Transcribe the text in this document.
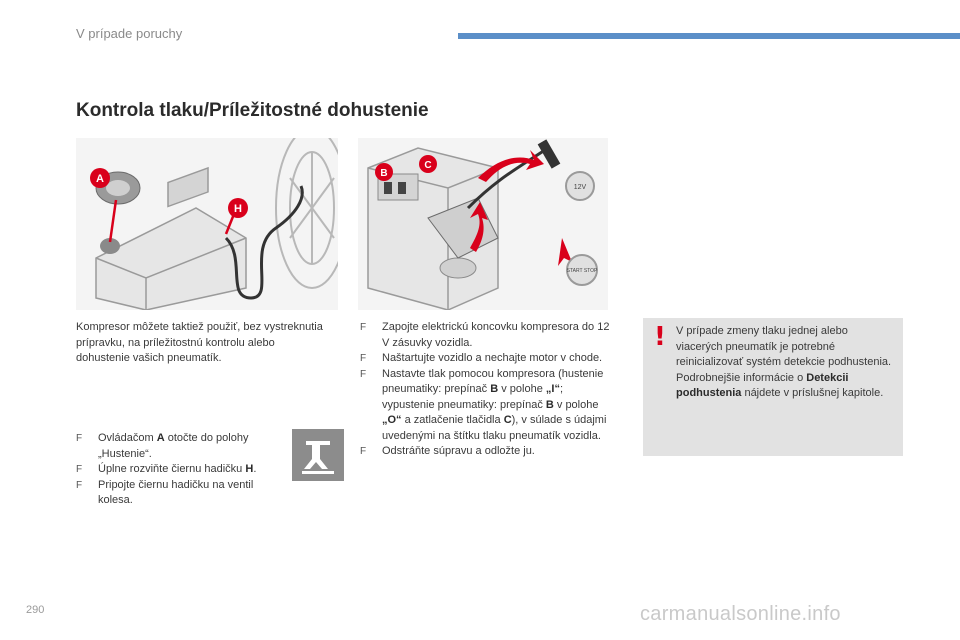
V prípade poruchy
Kontrola tlaku/Príležitostné dohustenie
A
H
B
C
12V
START STOP
Kompresor môžete taktiež použiť, bez vystreknutia prípravku, na príležitostnú kontrolu alebo dohustenie vašich pneumatík.
F Ovládačom A otočte do polohy „Hustenie“.
F Úplne rozviňte čiernu hadičku H.
F Pripojte čiernu hadičku na ventil kolesa.
F Zapojte elektrickú koncovku kompresora do 12 V zásuvky vozidla.
F Naštartujte vozidlo a nechajte motor v chode.
F Nastavte tlak pomocou kompresora (hustenie pneumatiky: prepínač B v polohe „I“; vypustenie pneumatiky: prepínač B v polohe „O“ a zatlačenie tlačidla C), v súlade s údajmi uvedenými na štítku tlaku pneumatík vozidla.
F Odstráňte súpravu a odložte ju.
! V prípade zmeny tlaku jednej alebo viacerých pneumatík je potrebné reinicializovať systém detekcie podhustenia.
Podrobnejšie informácie o Detekcii podhustenia nájdete v príslušnej kapitole.
290	carmanualsonline.info
